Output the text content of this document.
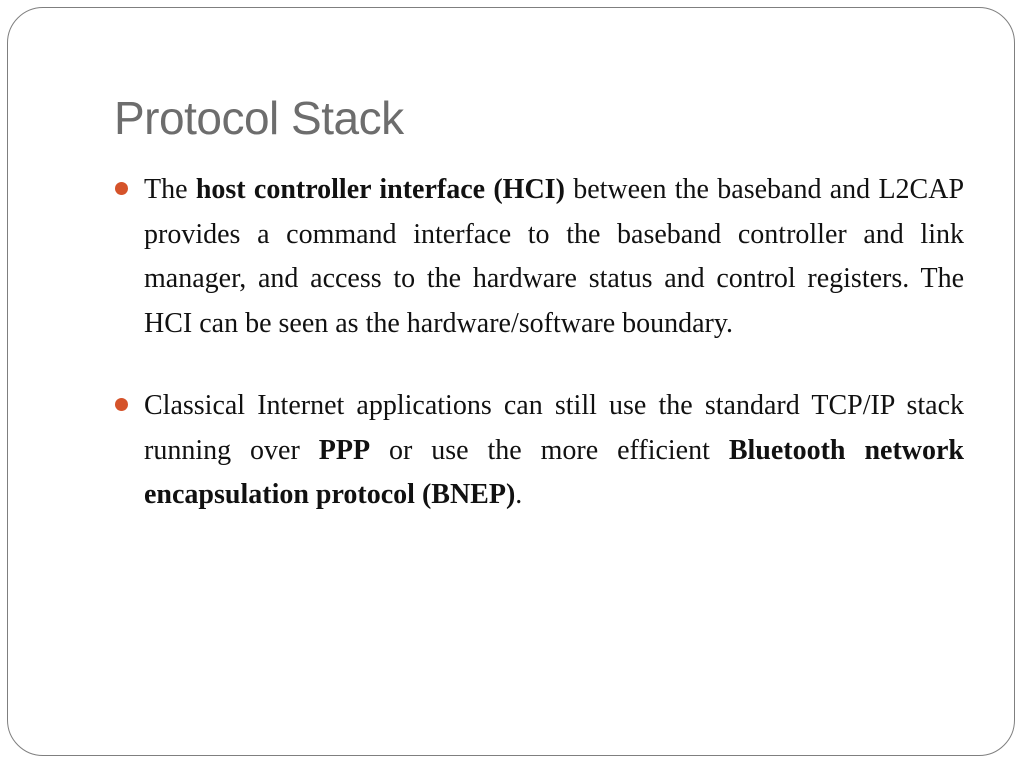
Protocol Stack
The host controller interface (HCI) between the baseband and L2CAP provides a command interface to the baseband controller and link manager, and access to the hardware status and control registers. The HCI can be seen as the hardware/software boundary.
Classical Internet applications can still use the standard TCP/IP stack running over PPP or use the more efficient Bluetooth network encapsulation protocol (BNEP).
